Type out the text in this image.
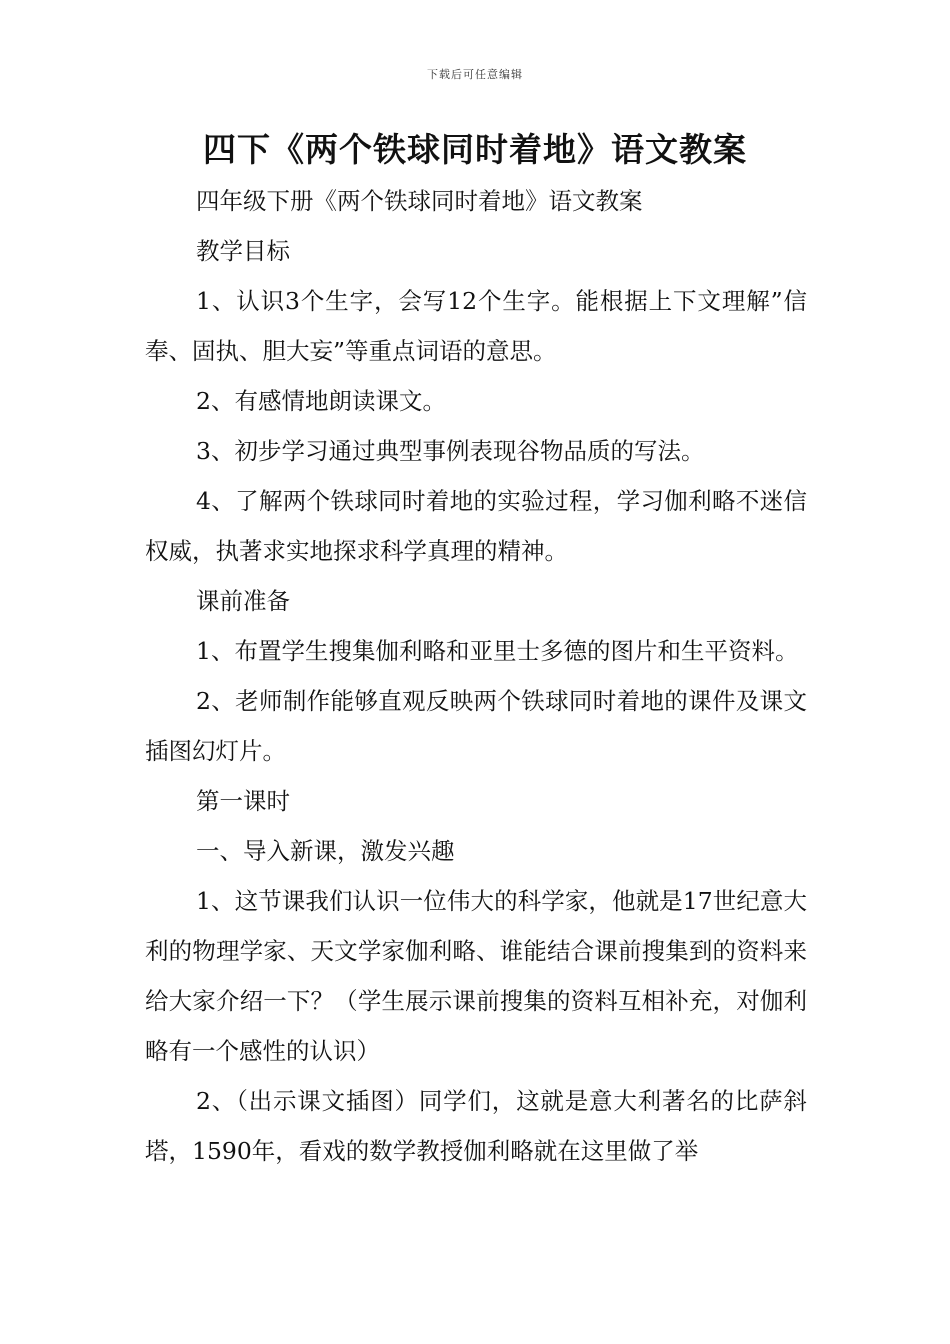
下载后可任意编辑
四下《两个铁球同时着地》语文教案

四年级下册《两个铁球同时着地》语文教案

教学目标

1、认识3个生字，会写12个生字。能根据上下文理解”信奉、固执、胆大妄”等重点词语的意思。

2、有感情地朗读课文。

3、初步学习通过典型事例表现谷物品质的写法。

4、了解两个铁球同时着地的实验过程，学习伽利略不迷信权威，执著求实地探求科学真理的精神。

课前准备

1、布置学生搜集伽利略和亚里士多德的图片和生平资料。

2、老师制作能够直观反映两个铁球同时着地的课件及课文插图幻灯片。

第一课时

一、导入新课，激发兴趣

1、这节课我们认识一位伟大的科学家，他就是17世纪意大利的物理学家、天文学家伽利略、谁能结合课前搜集到的资料来给大家介绍一下？（学生展示课前搜集的资料互相补充，对伽利略有一个感性的认识）

2、（出示课文插图）同学们，这就是意大利著名的比萨斜塔，1590年，看戏的数学教授伽利略就在这里做了举
